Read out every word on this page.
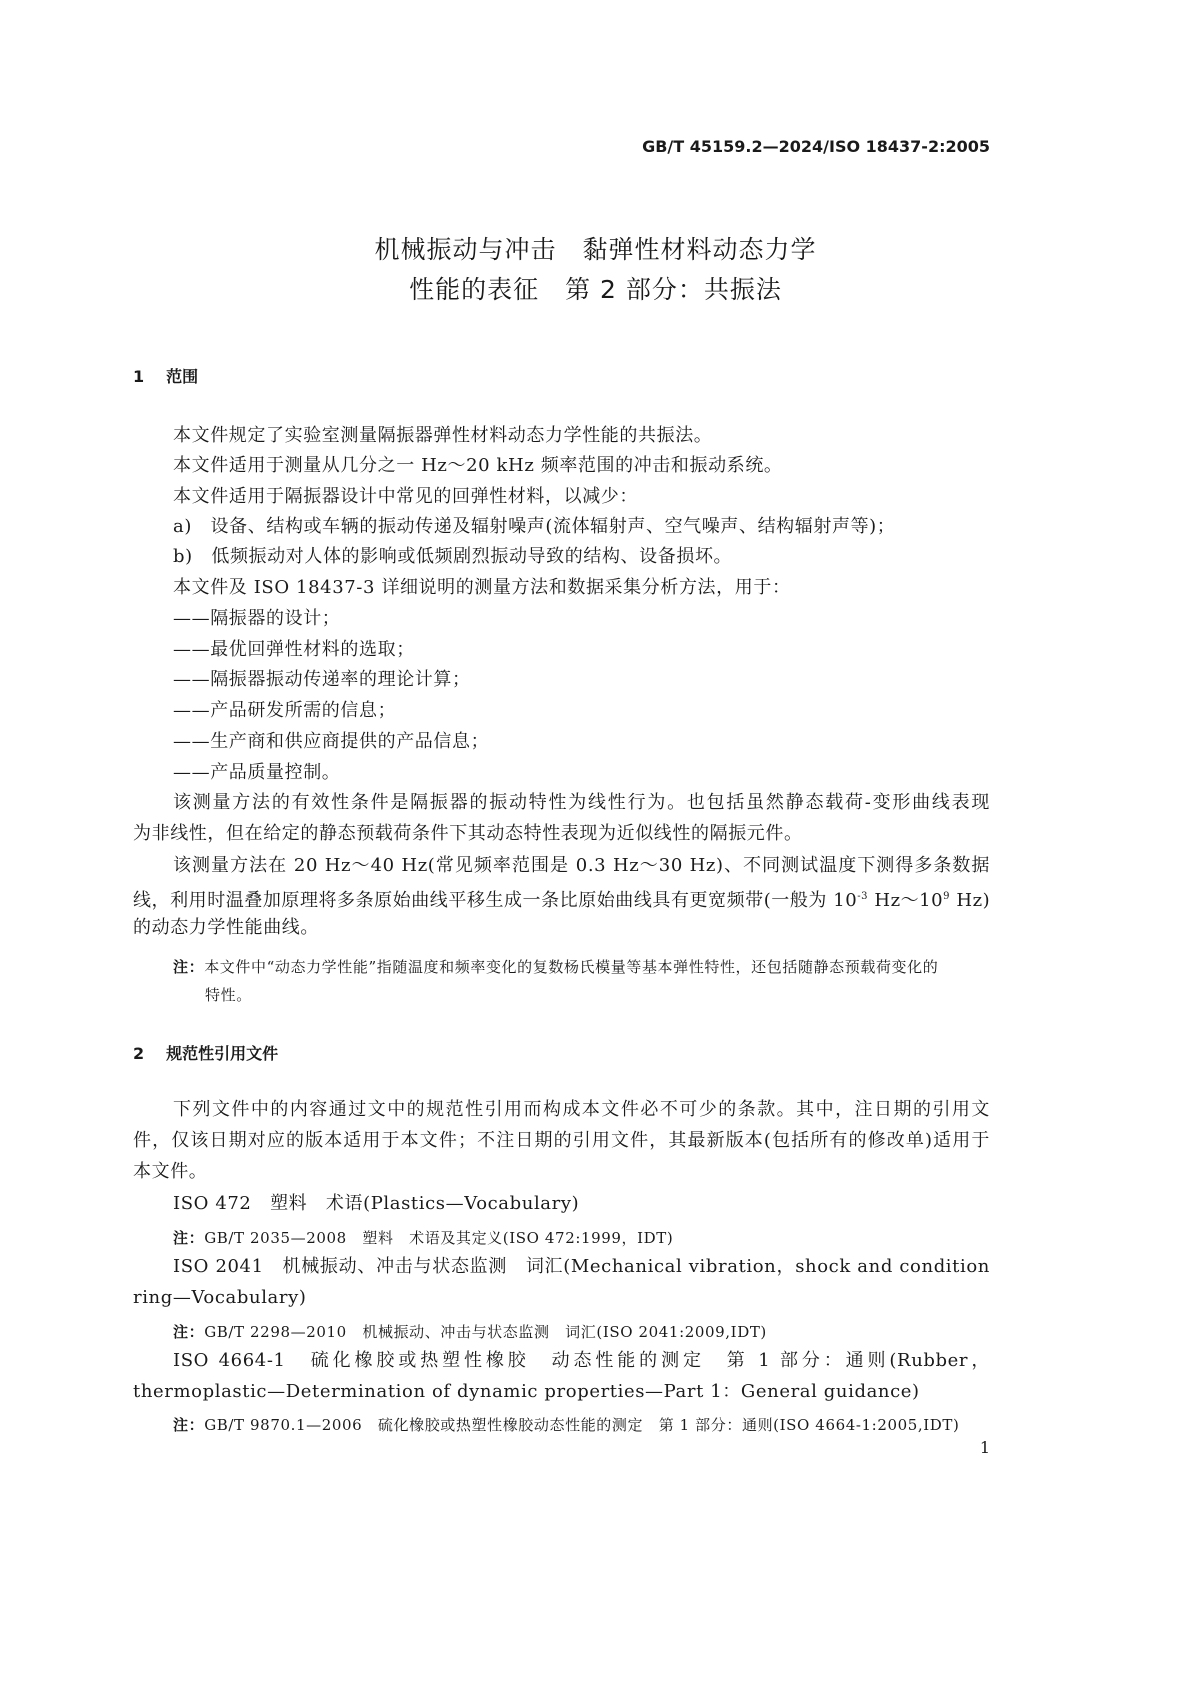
GB/T 45159.2—2024/ISO 18437-2:2005
机械振动与冲击　黏弹性材料动态力学
性能的表征　第 2 部分：共振法
1 范围
本文件规定了实验室测量隔振器弹性材料动态力学性能的共振法。
本文件适用于测量从几分之一 Hz～20 kHz 频率范围的冲击和振动系统。
本文件适用于隔振器设计中常见的回弹性材料，以减少：
a)　设备、结构或车辆的振动传递及辐射噪声(流体辐射声、空气噪声、结构辐射声等)；
b)　低频振动对人体的影响或低频剧烈振动导致的结构、设备损坏。
本文件及 ISO 18437-3 详细说明的测量方法和数据采集分析方法，用于：
——隔振器的设计；
——最优回弹性材料的选取；
——隔振器振动传递率的理论计算；
——产品研发所需的信息；
——生产商和供应商提供的产品信息；
——产品质量控制。
该测量方法的有效性条件是隔振器的振动特性为线性行为。也包括虽然静态载荷-变形曲线表现
为非线性，但在给定的静态预载荷条件下其动态特性表现为近似线性的隔振元件。
该测量方法在 20 Hz～40 Hz(常见频率范围是 0.3 Hz～30 Hz)、不同测试温度下测得多条数据
线，利用时温叠加原理将多条原始曲线平移生成一条比原始曲线具有更宽频带(一般为 $10^{-3}$ $Hz\sim 10^9$ Hz)
的动态力学性能曲线。
注：本文件中“动态力学性能”指随温度和频率变化的复数杨氏模量等基本弹性特性，还包括随静态预载荷变化的
特性。
2 规范性引用文件
下列文件中的内容通过文中的规范性引用而构成本文件必不可少的条款。其中，注日期的引用文
件，仅该日期对应的版本适用于本文件；不注日期的引用文件，其最新版本(包括所有的修改单)适用于
本文件。
ISO 472　塑料　术语(Plastics—Vocabulary)
注：GB/T 2035—2008　塑料　术语及其定义(ISO 472:1999，IDT)
ISO 2041　机械振动、冲击与状态监测　词汇(Mechanical vibration，shock and condition
ring—Vocabulary)
注：GB/T 2298—2010　机械振动、冲击与状态监测　词汇(ISO 2041:2009,IDT)
ISO 4664-1　硫化橡胶或热塑性橡胶　动态性能的测定　第 1 部分：通则(Rubber，
thermoplastic—Determination of dynamic properties—Part 1：General guidance)
注：GB/T 9870.1—2006　硫化橡胶或热塑性橡胶动态性能的测定　第 1 部分：通则(ISO 4664-1:2005,IDT)
1
